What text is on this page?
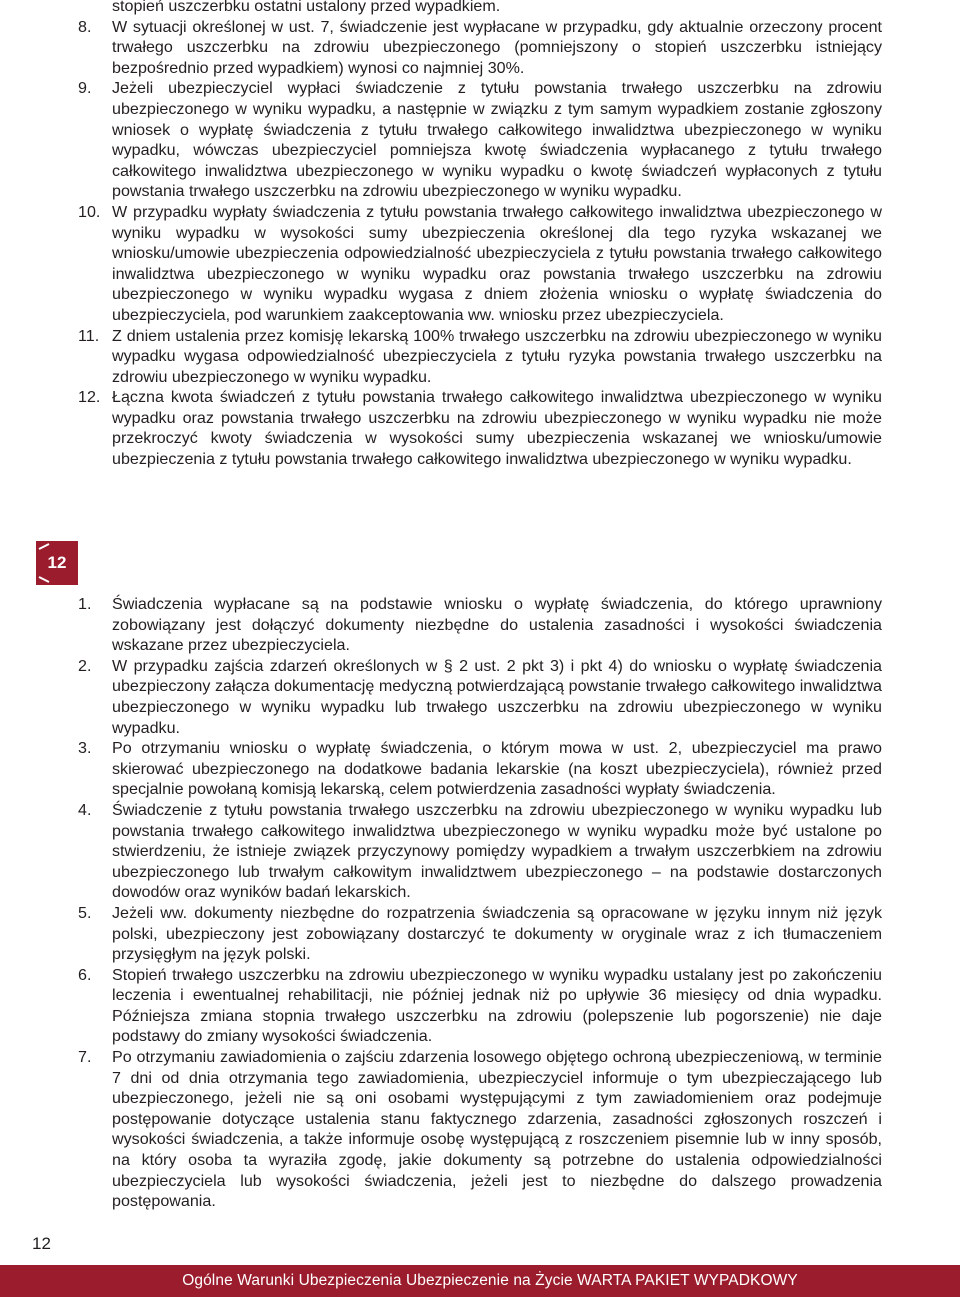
stopień uszczerbku ostatni ustalony przed wypadkiem.
8.	W sytuacji określonej w ust. 7, świadczenie jest wypłacane w przypadku, gdy aktualnie orzeczony procent trwałego uszczerbku na zdrowiu ubezpieczonego (pomniejszony o stopień uszczerbku istniejący bezpośrednio przed wypadkiem) wynosi co najmniej 30%.
9.	Jeżeli ubezpieczyciel wypłaci świadczenie z tytułu powstania trwałego uszczerbku na zdrowiu ubezpieczonego w wyniku wypadku, a następnie w związku z tym samym wypadkiem zostanie zgłoszony wniosek o wypłatę świadczenia z tytułu trwałego całkowitego inwalidztwa ubezpieczonego w wyniku wypadku, wówczas ubezpieczyciel pomniejsza kwotę świadczenia wypłacanego z tytułu trwałego całkowitego inwalidztwa ubezpieczonego w wyniku wypadku o kwotę świadczeń wypłaconych z tytułu powstania trwałego uszczerbku na zdrowiu ubezpieczonego w wyniku wypadku.
10. W przypadku wypłaty świadczenia z tytułu powstania trwałego całkowitego inwalidztwa ubezpieczonego w wyniku wypadku w wysokości sumy ubezpieczenia określonej dla tego ryzyka wskazanej we wniosku/umowie ubezpieczenia odpowiedzialność ubezpieczyciela z tytułu powstania trwałego całkowitego inwalidztwa ubezpieczonego w wyniku wypadku oraz powstania trwałego uszczerbku na zdrowiu ubezpieczonego w wyniku wypadku wygasa z dniem złożenia wniosku o wypłatę świadczenia do ubezpieczyciela, pod warunkiem zaakceptowania ww. wniosku przez ubezpieczyciela.
11. Z dniem ustalenia przez komisję lekarską 100% trwałego uszczerbku na zdrowiu ubezpieczonego w wyniku wypadku wygasa odpowiedzialność ubezpieczyciela z tytułu ryzyka powstania trwałego uszczerbku na zdrowiu ubezpieczonego w wyniku wypadku.
12. Łączna kwota świadczeń z tytułu powstania trwałego całkowitego inwalidztwa ubezpieczonego w wyniku wypadku oraz powstania trwałego uszczerbku na zdrowiu ubezpieczonego w wyniku wypadku nie może przekroczyć kwoty świadczenia w wysokości sumy ubezpieczenia wskazanej we wniosku/umowie ubezpieczenia z tytułu powstania trwałego całkowitego inwalidztwa ubezpieczonego w wyniku wypadku.
12
1.	Świadczenia wypłacane są na podstawie wniosku o wypłatę świadczenia, do którego uprawniony zobowiązany jest dołączyć dokumenty niezbędne do ustalenia zasadności i wysokości świadczenia wskazane przez ubezpieczyciela.
2.	W przypadku zajścia zdarzeń określonych w § 2 ust. 2 pkt 3) i pkt 4) do wniosku o wypłatę świadczenia ubezpieczony załącza dokumentację medyczną potwierdzającą powstanie trwałego całkowitego inwalidztwa ubezpieczonego w wyniku wypadku lub trwałego uszczerbku na zdrowiu ubezpieczonego w wyniku wypadku.
3.	Po otrzymaniu wniosku o wypłatę świadczenia, o którym mowa w ust. 2, ubezpieczyciel ma prawo skierować ubezpieczonego na dodatkowe badania lekarskie (na koszt ubezpieczyciela), również przed specjalnie powołaną komisją lekarską, celem potwierdzenia zasadności wypłaty świadczenia.
4.	Świadczenie z tytułu powstania trwałego uszczerbku na zdrowiu ubezpieczonego w wyniku wypadku lub powstania trwałego całkowitego inwalidztwa ubezpieczonego w wyniku wypadku może być ustalone po stwierdzeniu, że istnieje związek przyczynowy pomiędzy wypadkiem a trwałym uszczerbkiem na zdrowiu ubezpieczonego lub trwałym całkowitym inwalidztwem ubezpieczonego – na podstawie dostarczonych dowodów oraz wyników badań lekarskich.
5.	Jeżeli ww. dokumenty niezbędne do rozpatrzenia świadczenia są opracowane w języku innym niż język polski, ubezpieczony jest zobowiązany dostarczyć te dokumenty w oryginale wraz z ich tłumaczeniem przysięgłym na język polski.
6.	Stopień trwałego uszczerbku na zdrowiu ubezpieczonego w wyniku wypadku ustalany jest po zakończeniu leczenia i ewentualnej rehabilitacji, nie później jednak niż po upływie 36 miesięcy od dnia wypadku. Późniejsza zmiana stopnia trwałego uszczerbku na zdrowiu (polepszenie lub pogorszenie) nie daje podstawy do zmiany wysokości świadczenia.
7.	Po otrzymaniu zawiadomienia o zajściu zdarzenia losowego objętego ochroną ubezpieczeniową, w terminie 7 dni od dnia otrzymania tego zawiadomienia, ubezpieczyciel informuje o tym ubezpieczającego lub ubezpieczonego, jeżeli nie są oni osobami występującymi z tym zawiadomieniem oraz podejmuje postępowanie dotyczące ustalenia stanu faktycznego zdarzenia, zasadności zgłoszonych roszczeń i wysokości świadczenia, a także informuje osobę występującą z roszczeniem pisemnie lub w inny sposób, na który osoba ta wyraziła zgodę, jakie dokumenty są potrzebne do ustalenia odpowiedzialności ubezpieczyciela lub wysokości świadczenia, jeżeli jest to niezbędne do dalszego prowadzenia postępowania.
12
Ogólne Warunki Ubezpieczenia Ubezpieczenie na Życie WARTA PAKIET WYPADKOWY
